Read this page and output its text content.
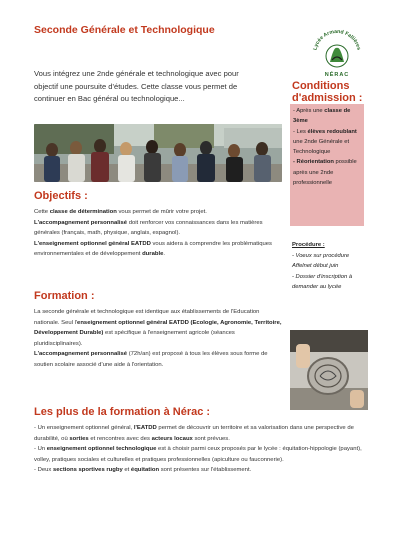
Seconde Générale et Technologique
Lycée Armand Fallières
NÉRAC
Vous intégrez une 2nde générale et technologique avec pour objectif une poursuite d'études. Cette classe vous permet de continuer en Bac général ou technologique...
Objectifs :
Cette classe de détermination vous permet de mûrir votre projet.
L'accompagnement personnalisé doit renforcer vos connaissances dans les matières générales (français, math, physique, anglais, espagnol).
L'enseignement optionnel général EATDD vous aidera à comprendre les problématiques environnementales et de développement durable.
Formation :
La seconde générale et technologique est identique aux établissements de l'Education nationale. Seul l'enseignement optionnel général EATDD (Ecologie, Agronomie, Territoire, Développement Durable) est spécifique à l'enseignement agricole (séances pluridisciplinaires).
L'accompagnement personnalisé (72h/an) est proposé à tous les élèves sous forme de soutien scolaire associé d'une aide à l'orientation.
Les plus de la formation à Nérac :
- Un enseignement optionnel général, l'EATDD permet de découvrir un territoire et sa valorisation dans une perspective de durabilité, où sorties et rencontres avec des acteurs locaux sont prévues.
- Un enseignement optionnel technologique est à choisir parmi ceux proposés par le lycée : équitation-hippologie (payant), volley, pratiques sociales et culturelles et pratiques professionnelles (apiculture ou fauconnerie).
- Deux sections sportives rugby et équitation sont présentes sur l'établissement.
Conditions d'admission :
- Après une classe de 3ème
- Les élèves redoublant une 2nde Générale et Technologique
- Réorientation possible après une 2nde professionnelle
Procédure :
- Voeux sur procédure Affelnet début juin
- Dossier d'inscription à demander au lycée
